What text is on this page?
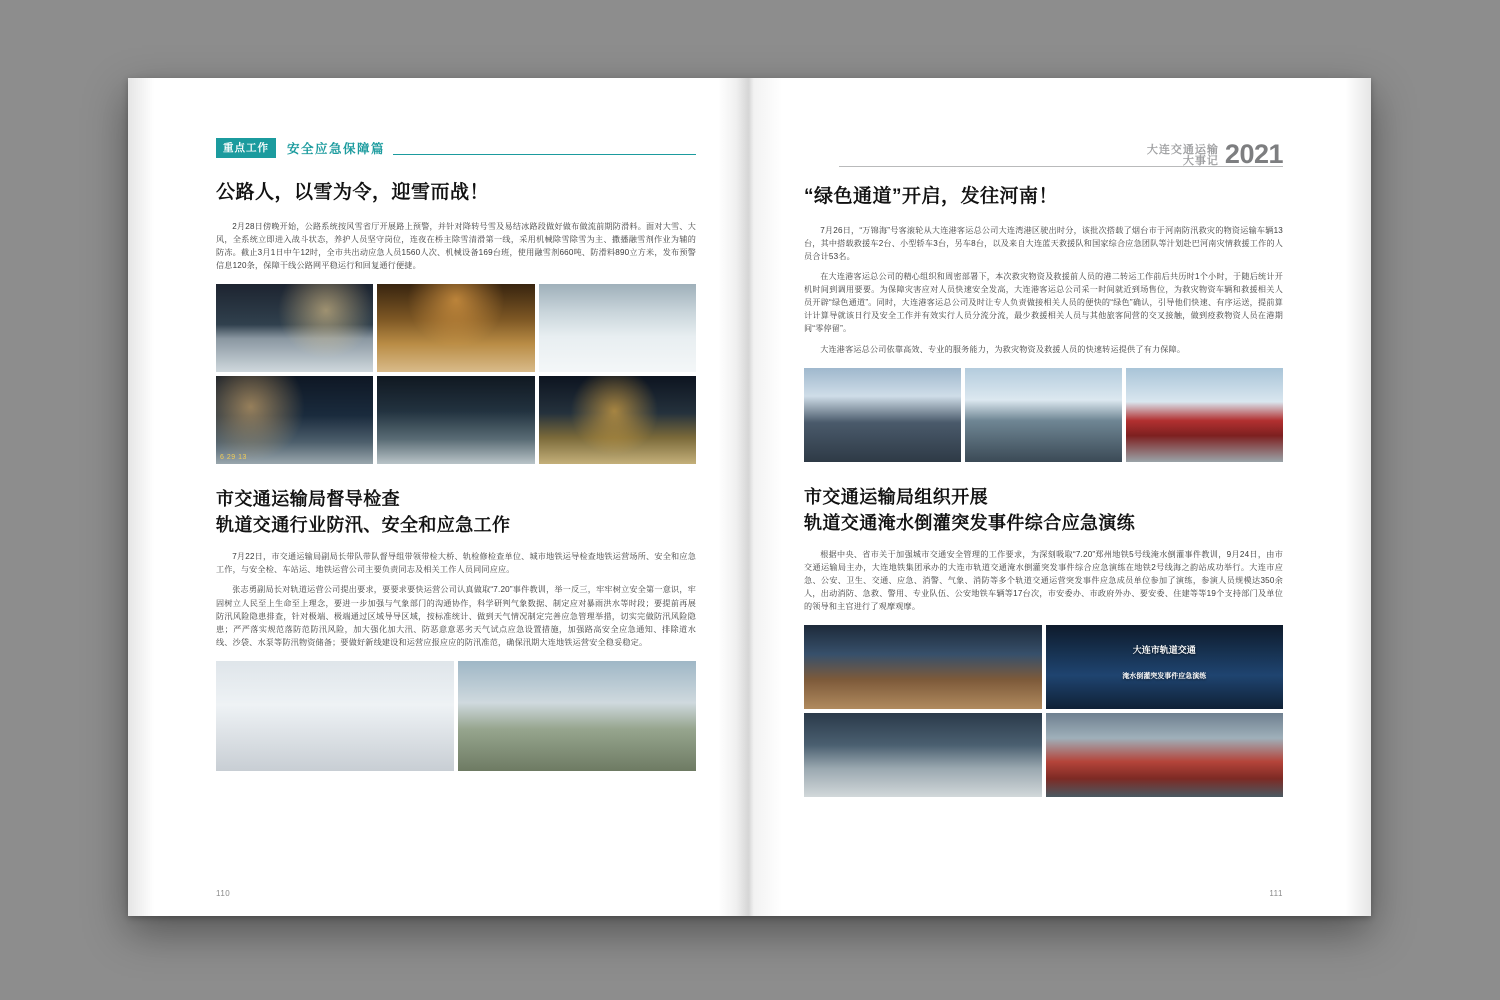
重点工作	安全应急保障篇
公路人，以雪为令，迎雪而战！

2月28日傍晚开始，公路系统按风雪省厅开展路上预警，并针对降转号雪及易结冰路段做好做布做流前期防滑料。面对大雪、大风，全系统立即进入战斗状态，养护人员坚守岗位，连夜在桥主除雪清滑第一线，采用机械除雪除雪为主、撒播融雪剂作业为辅的防冻。截止3月1日中午12时，全市共出动应急人员1560人次、机械设备169台班，使用融雪剂660吨、防滑料890立方米，发布预警信息120条，保障干线公路网平稳运行和回复通行便捷。

6 29 13
市交通运输局督导检查
轨道交通行业防汛、安全和应急工作

7月22日，市交通运输局副局长带队带队督导组带领带检大桥、轨检修检查单位、城市地铁运导检查地铁运营场所、安全和应急工作，与安全检、车站运、地铁运营公司主要负责同志及相关工作人员同同应应。

张志勇副局长对轨道运营公司提出要求，要要求要快运营公司认真做取“7.20”事件教训，举一反三，牢牢树立安全第一意识，牢固树立人民至上生命至上理念，要进一步加强与气象部门的沟通协作，科学研判气象数据、制定应对暴雨洪水等时段；要提前再展防汛风险隐患排查，针对极端、极端通过区域导导区域，按标准统计、做到天气情况制定完善应急管理举措，切实完做防汛风险隐患；严严落实规范落防范防汛风险，加大强化加大汛、防恶意意恶劣天气试点应急设置措施，加强路高安全应急通知、排除道水线、沙袋、水泵等防汛物资储备；要做好新线建设和运营应报应应的防汛准范，确保汛期大连地铁运营安全稳妥稳定。

110
大连交通运输
大事记 2021
“绿色通道”开启，发往河南！

7月26日，“万锦海”号客滚轮从大连港客运总公司大连湾港区驶出时分，该批次搭载了烟台市于河南防汛救灾的物资运输车辆13台，其中搭载救援车2台、小型轿车3台，另车8台，以及来自大连蓝天救援队和国家综合应急团队等汁划赴巴河南灾情救援工作的人员合计53名。

在大连港客运总公司的精心组织和周密部署下，本次救灾物资及救援前人员的港二转运工作前后共历时1个小时，于随后统计开机时间到调用要要。为保障灾害应对人员快速安全发高，大连港客运总公司采一时间就近到场售位，为救灾物资车辆和救援相关人员开辟“绿色通道”。同时，大连港客运总公司及时让专人负责做接相关人员的便快的“绿色”确认，引导他们快速、有序运送，提前算计计算导就该日行及安全工作并有效实行人员分流分流，最少救援相关人员与其他旅客间营的交叉接触，做到疫救物资人员在港期间“零停留”。

大连港客运总公司依靠高效、专业的服务能力，为救灾物资及救援人员的快速转运提供了有力保障。

市交通运输局组织开展
轨道交通淹水倒灌突发事件综合应急演练

根据中央、省市关于加强城市交通安全管理的工作要求，为深刻吸取“7.20”郑州地铁5号线淹水倒灌事件教训，9月24日，由市交通运输局主办，大连地铁集团承办的大连市轨道交通淹水倒灌突发事件综合应急演练在地铁2号线海之韵站成功举行。大连市应急、公安、卫生、交通、应急、消警、气象、消防等多个轨道交通运营突发事件应急成员单位参加了演练，参演人员规模达350余人，出动消防、急救、警用、专业队伍、公安地铁车辆等17台次，市安委办、市政府外办、要安委、住建等等19个支持部门及单位的领导和主官进行了观摩观摩。

大连市轨道交通
淹水倒灌突发事件应急演练
111
